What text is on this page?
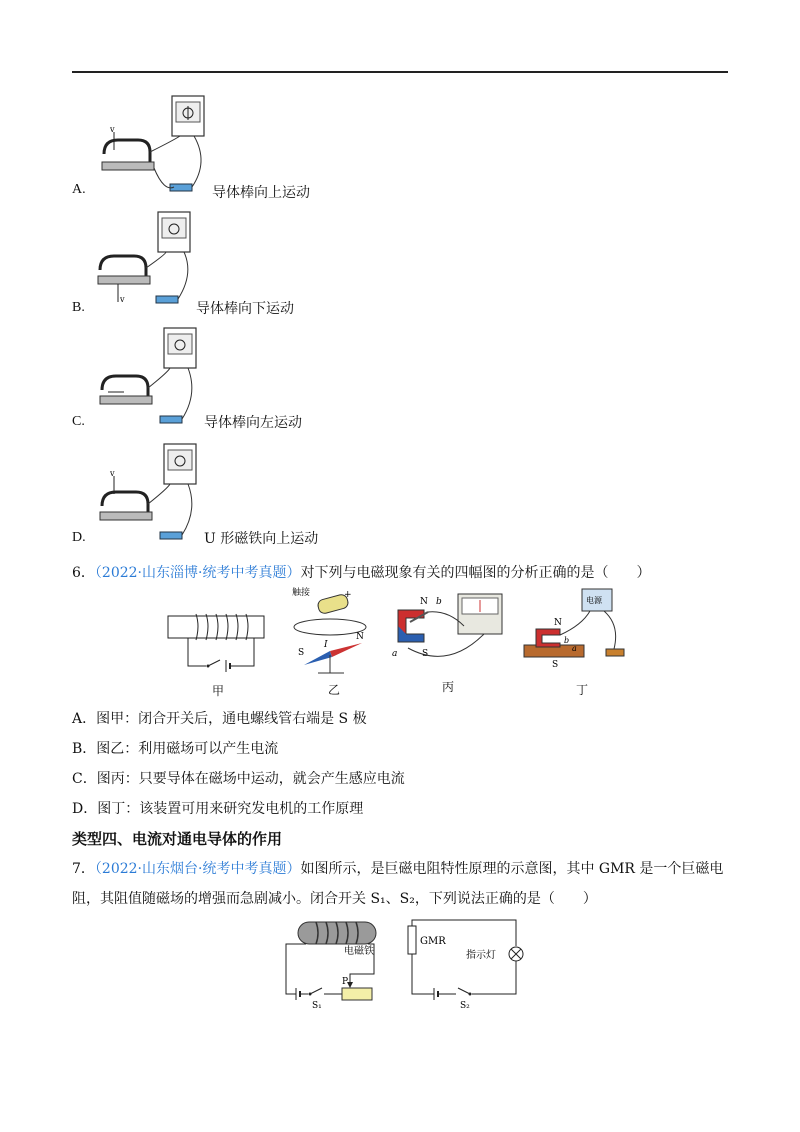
v
A.	导体棒向上运动
v
B.	导体棒向下运动
C.	导体棒向左运动
v
D.	U 形磁铁向上运动
6．（2022·山东淄博·统考中考真题）对下列与电磁现象有关的四幅图的分析正确的是（　　）
甲
触接	+
I
S
N
乙
N
S
a
b
丙
电源
N
S
b
a
丁
A．图甲：闭合开关后，通电螺线管右端是 S 极
B．图乙：利用磁场可以产生电流
C．图丙：只要导体在磁场中运动，就会产生感应电流
D．图丁：该装置可用来研究发电机的工作原理
类型四、电流对通电导体的作用
7．（2022·山东烟台·统考中考真题）如图所示，是巨磁电阻特性原理的示意图，其中 GMR 是一个巨磁电
阻，其阻值随磁场的增强而急剧减小。闭合开关 S₁、S₂，下列说法正确的是（　　）
电磁铁
S₁
P
GMR
指示灯
S₂
